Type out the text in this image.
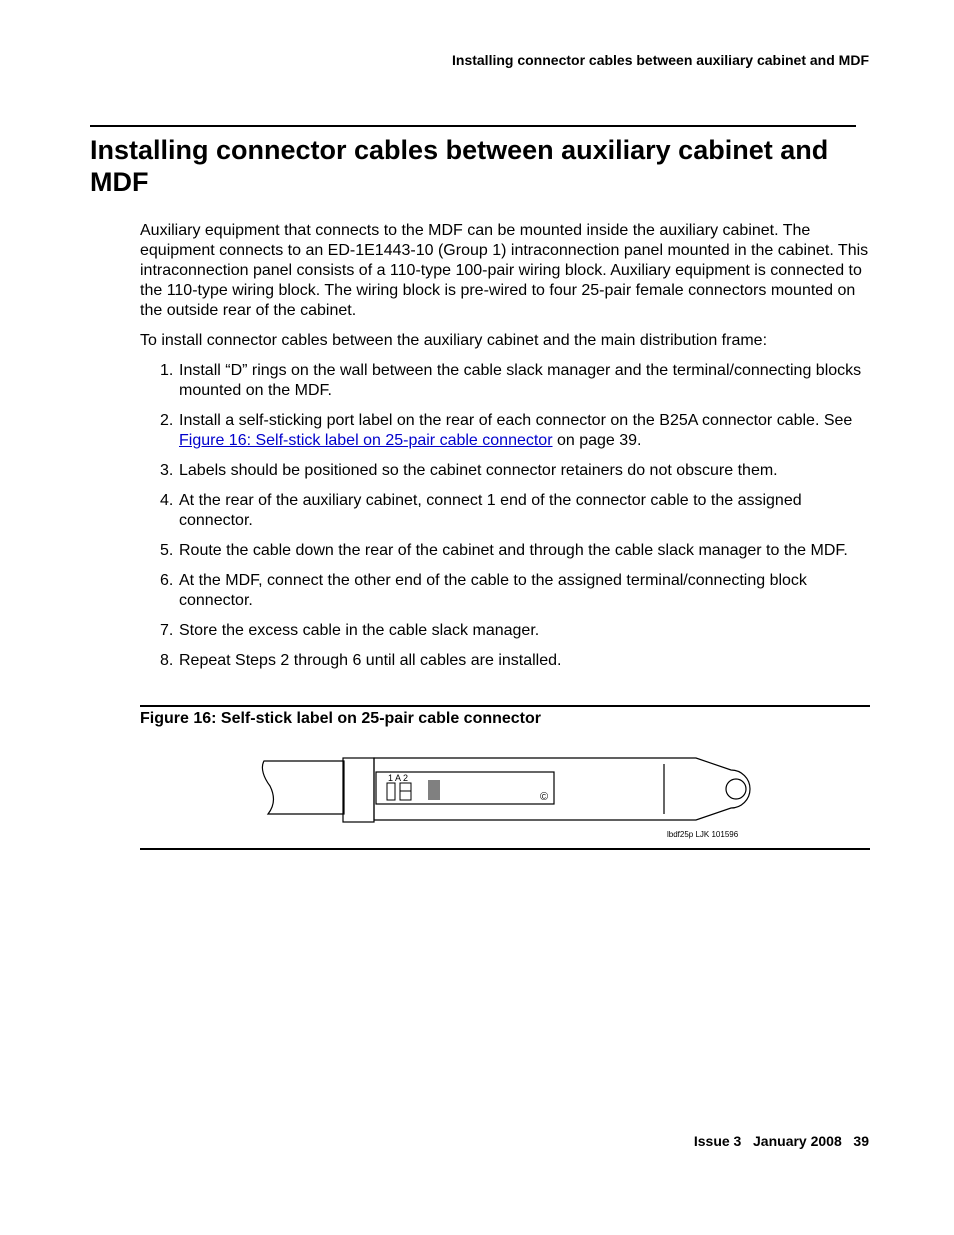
Installing connector cables between auxiliary cabinet and MDF
Installing connector cables between auxiliary cabinet and MDF

Auxiliary equipment that connects to the MDF can be mounted inside the auxiliary cabinet. The equipment connects to an ED-1E1443-10 (Group 1) intraconnection panel mounted in the cabinet. This intraconnection panel consists of a 110-type 100-pair wiring block. Auxiliary equipment is connected to the 110-type wiring block. The wiring block is pre-wired to four 25-pair female connectors mounted on the outside rear of the cabinet.

To install connector cables between the auxiliary cabinet and the main distribution frame:

1. Install “D” rings on the wall between the cable slack manager and the terminal/connecting blocks mounted on the MDF.
2. Install a self-sticking port label on the rear of each connector on the B25A connector cable. See Figure 16: Self-stick label on 25-pair cable connector on page 39.
3. Labels should be positioned so the cabinet connector retainers do not obscure them.
4. At the rear of the auxiliary cabinet, connect 1 end of the connector cable to the assigned connector.
5. Route the cable down the rear of the cabinet and through the cable slack manager to the MDF.
6. At the MDF, connect the other end of the cable to the assigned terminal/connecting block connector.
7. Store the excess cable in the cable slack manager.
8. Repeat Steps 2 through 6 until all cables are installed.
Figure 16: Self-stick label on 25-pair cable connector
1 A 2
©
lbdf25p LJK 101596
Issue 3 January 2008 39
